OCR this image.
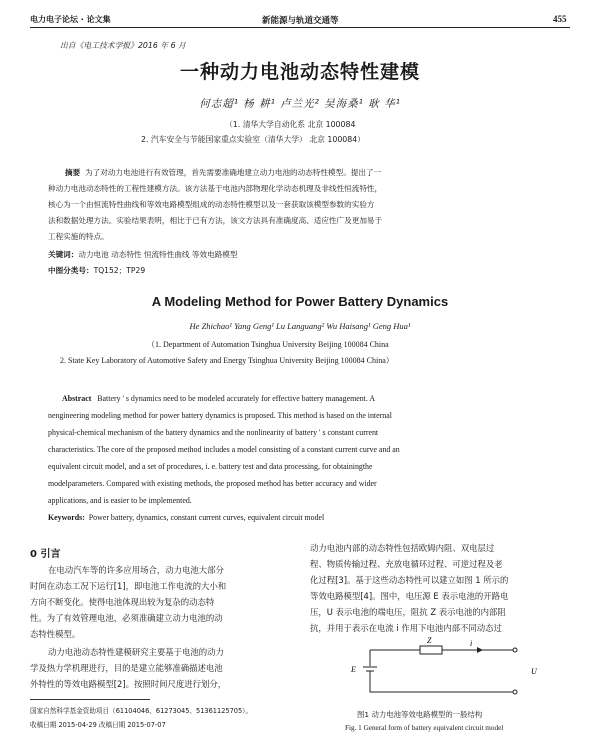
电力电子论坛 · 论文集	新能源与轨道交通等	455
出自《电工技术学报》2016 年 6 月
一种动力电池动态特性建模
何志超¹ 杨 耕¹ 卢兰光² 吴海桑¹ 耿 华¹
（1. 清华大学自动化系 北京 100084
2. 汽车安全与节能国家重点实验室（清华大学） 北京 100084）
摘要 为了对动力电池进行有效管理，首先需要准确地建立动力电池的动态特性模型。提出了一
种动力电池动态特性的工程性建模方法。该方法基于电池内部物理化学动态机理及非线性恒流特性，
核心为一个由恒流特性曲线和等效电路模型组成的动态特性模型以及一套获取该模型参数的实验方
法和数据处理方法。实验结果表明，相比于已有方法，该文方法具有准确度高、适应性广及更加易于
工程实施的特点。
关键词：动力电池 动态特性 恒流特性曲线 等效电路模型
中图分类号：TQ152；TP29
A Modeling Method for Power Battery Dynamics
He Zhichao¹ Yang Geng¹ Lu Languang² Wu Haisang¹ Geng Hua¹
（1. Department of Automation Tsinghua University Beijing 100084 China
2. State Key Laboratory of Automotive Safety and Energy Tsinghua University Beijing 100084 China）
Abstract Battery ' s dynamics need to be modeled accurately for effective battery management. A
nengineering modeling method for power battery dynamics is proposed. This method is based on the internal
physical-chemical mechanism of the battery dynamics and the nonlinearity of battery ' s constant current
characteristics. The core of the proposed method includes a model consisting of a constant current curve and an
equivalent circuit model, and a set of procedures, i. e. battery test and data processing, for obtainingthe
modelparameters. Compared with existing methods, the proposed method has better accuracy and wider
applications, and is easier to be implemented.
Keywords: Power battery, dynamics, constant current curves, equivalent circuit model
0 引言
在电动汽车等的许多应用场合，动力电池大部分
时间在动态工况下运行[1]，即电池工作电流的大小和
方向不断变化。使得电池体现出较为复杂的动态特
性。为了有效管理电池，必须准确建立动力电池的动
态特性模型。
动力电池动态特性建模研究主要基于电池的动力
学及热力学机理进行，目的是建立能够准确描述电池
外特性的等效电路模型[2]。按照时间尺度进行划分，
国家自然科学基金资助项目（61104046、61273045、51361125705）。
收稿日期 2015-04-29 改稿日期 2015-07-07
动力电池内部的动态特性包括欧姆内阻、双电层过
程、物质传输过程、充放电循环过程、可逆过程及老
化过程[3]。基于这些动态特性可以建立如图 1 所示的
等效电路模型[4]。图中，电压源 E 表示电池的开路电
压，U 表示电池的端电压，阻抗 Z 表示电池的内部阻
抗，并用于表示在电流 i 作用下电池内部不同动态过
Z	i
E	U
图1 动力电池等效电路模型的一般结构
Fig. 1 General form of battery equivalent circuit model
